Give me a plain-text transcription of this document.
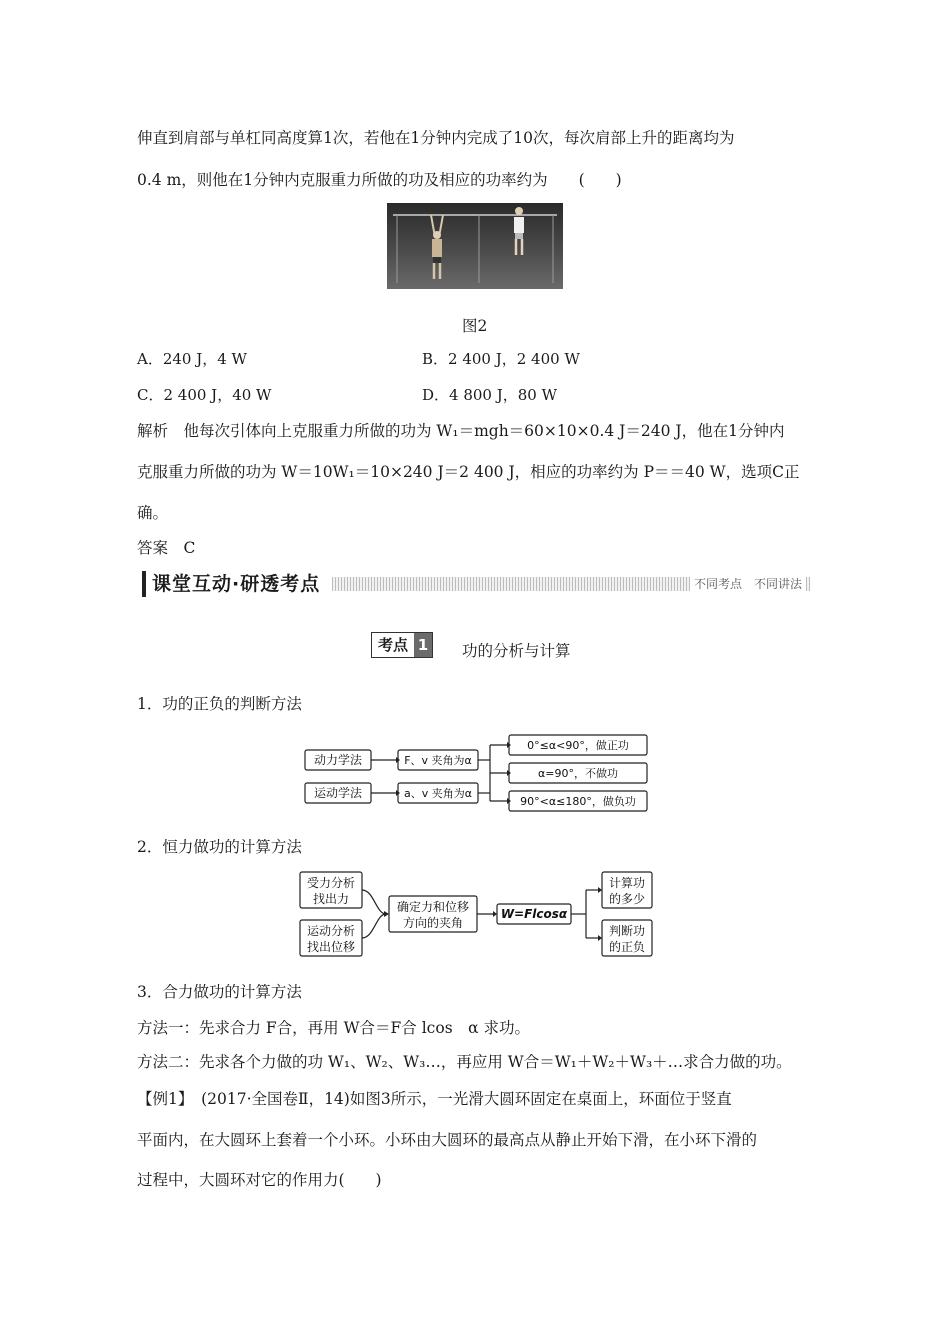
伸直到肩部与单杠同高度算1次，若他在1分钟内完成了10次，每次肩部上升的距离均为
0.4 m，则他在1分钟内克服重力所做的功及相应的功率约为　　(　　)
图2
A．240 J，4 W	B．2 400 J，2 400 W
C．2 400 J，40 W	D．4 800 J，80 W
解析　他每次引体向上克服重力所做的功为 W₁＝mgh＝60×10×0.4 J＝240 J，他在1分钟内
克服重力所做的功为 W＝10W₁＝10×240 J＝2 400 J，相应的功率约为 P＝＝40 W，选项C正
确。
答案　C
课堂互动·研透考点	不同考点　不同讲法
考点 1 功的分析与计算
1．功的正负的判断方法
动力学法
运动学法
F、v 夹角为α
a、v 夹角为α
0°≤α<90°，做正功
α=90°，不做功
90°<α≤180°，做负功
2．恒力做功的计算方法
受力分析
找出力
运动分析
找出位移
确定力和位移
方向的夹角
W=Flcosα
计算功
的多少
判断功
的正负
3．合力做功的计算方法
方法一：先求合力 F合，再用 W合＝F合 lcos　α 求功。
方法二：先求各个力做的功 W₁、W₂、W₃…，再应用 W合＝W₁＋W₂＋W₃＋…求合力做的功。
【例1】　(2017·全国卷Ⅱ，14)如图3所示，一光滑大圆环固定在桌面上，环面位于竖直
平面内，在大圆环上套着一个小环。小环由大圆环的最高点从静止开始下滑，在小环下滑的
过程中，大圆环对它的作用力(　　)
